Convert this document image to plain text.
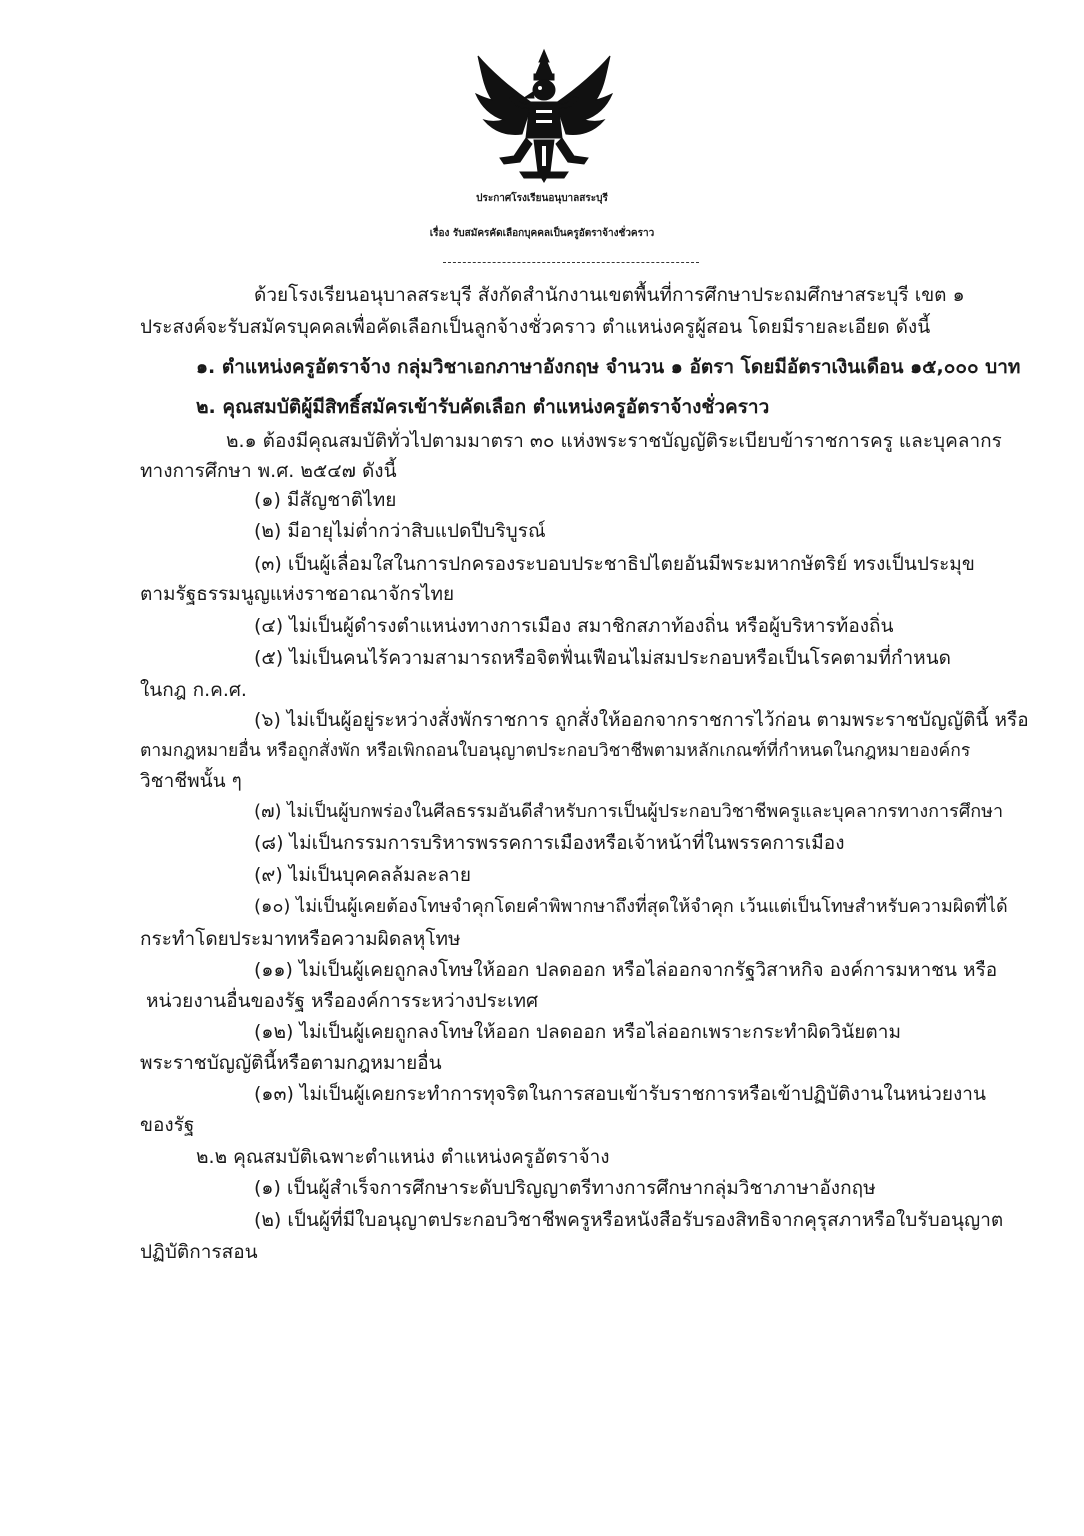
ประกาศโรงเรียนอนุบาลสระบุรี
เรื่อง รับสมัครคัดเลือกบุคคลเป็นครูอัตราจ้างชั่วคราว
ด้วยโรงเรียนอนุบาลสระบุรี สังกัดสำนักงานเขตพื้นที่การศึกษาประถมศึกษาสระบุรี เขต ๑
ประสงค์จะรับสมัครบุคคลเพื่อคัดเลือกเป็นลูกจ้างชั่วคราว ตำแหน่งครูผู้สอน โดยมีรายละเอียด ดังนี้
๑. ตำแหน่งครูอัตราจ้าง กลุ่มวิชาเอกภาษาอังกฤษ จำนวน ๑ อัตรา โดยมีอัตราเงินเดือน ๑๕,๐๐๐ บาท
๒. คุณสมบัติผู้มีสิทธิ์สมัครเข้ารับคัดเลือก ตำแหน่งครูอัตราจ้างชั่วคราว
๒.๑ ต้องมีคุณสมบัติทั่วไปตามมาตรา ๓๐ แห่งพระราชบัญญัติระเบียบข้าราชการครู และบุคลากร
ทางการศึกษา พ.ศ. ๒๕๔๗ ดังนี้
(๑) มีสัญชาติไทย
(๒) มีอายุไม่ต่ำกว่าสิบแปดปีบริบูรณ์
(๓) เป็นผู้เลื่อมใสในการปกครองระบอบประชาธิปไตยอันมีพระมหากษัตริย์ ทรงเป็นประมุข
ตามรัฐธรรมนูญแห่งราชอาณาจักรไทย
(๔) ไม่เป็นผู้ดำรงตำแหน่งทางการเมือง สมาชิกสภาท้องถิ่น หรือผู้บริหารท้องถิ่น
(๕) ไม่เป็นคนไร้ความสามารถหรือจิตฟั่นเฟือนไม่สมประกอบหรือเป็นโรคตามที่กำหนด
ในกฎ ก.ค.ศ.
(๖) ไม่เป็นผู้อยู่ระหว่างสั่งพักราชการ ถูกสั่งให้ออกจากราชการไว้ก่อน ตามพระราชบัญญัตินี้ หรือ
ตามกฎหมายอื่น หรือถูกสั่งพัก หรือเพิกถอนใบอนุญาตประกอบวิชาชีพตามหลักเกณฑ์ที่กำหนดในกฎหมายองค์กร
วิชาชีพนั้น ๆ
(๗) ไม่เป็นผู้บกพร่องในศีลธรรมอันดีสำหรับการเป็นผู้ประกอบวิชาชีพครูและบุคลากรทางการศึกษา
(๘) ไม่เป็นกรรมการบริหารพรรคการเมืองหรือเจ้าหน้าที่ในพรรคการเมือง
(๙) ไม่เป็นบุคคลล้มละลาย
(๑๐) ไม่เป็นผู้เคยต้องโทษจำคุกโดยคำพิพากษาถึงที่สุดให้จำคุก เว้นแต่เป็นโทษสำหรับความผิดที่ได้
กระทำโดยประมาทหรือความผิดลหุโทษ
(๑๑) ไม่เป็นผู้เคยถูกลงโทษให้ออก ปลดออก หรือไล่ออกจากรัฐวิสาหกิจ องค์การมหาชน หรือ
หน่วยงานอื่นของรัฐ หรือองค์การระหว่างประเทศ
(๑๒) ไม่เป็นผู้เคยถูกลงโทษให้ออก ปลดออก หรือไล่ออกเพราะกระทำผิดวินัยตาม
พระราชบัญญัตินี้หรือตามกฎหมายอื่น
(๑๓) ไม่เป็นผู้เคยกระทำการทุจริตในการสอบเข้ารับราชการหรือเข้าปฏิบัติงานในหน่วยงาน
ของรัฐ
๒.๒ คุณสมบัติเฉพาะตำแหน่ง ตำแหน่งครูอัตราจ้าง
(๑) เป็นผู้สำเร็จการศึกษาระดับปริญญาตรีทางการศึกษากลุ่มวิชาภาษาอังกฤษ
(๒) เป็นผู้ที่มีใบอนุญาตประกอบวิชาชีพครูหรือหนังสือรับรองสิทธิจากคุรุสภาหรือใบรับอนุญาต
ปฏิบัติการสอน
